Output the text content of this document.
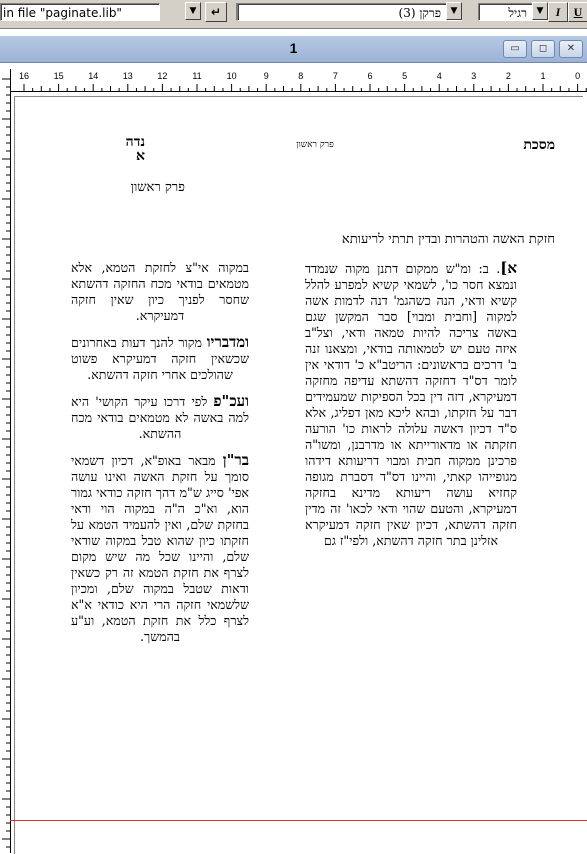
in file "paginate.lib"	▼	↵	פרקן (3)	▼	רגיל	▼	I	U
1	▭	◻	✕
16	15	14	13	12	11	10	9	8	7	6	5	4	3	2	1	0
מסכת
פרק ראשון
נדה
א
פרק ראשון
חזקת האשה והטהרות ובדין תרתי לריעותא
א]. ב: ומ"ש ממקום דתנן מקוה שנמדד ונמצא חסר כו', לשמאי קשיא למפרע להלל קשיא ודאי, הנה כשהגמ' דנה לדמות אשה למקוה [וחבית ומבוי] סבר המקשן שגם באשה צריכה להיות טמאה ודאי, וצל"ב איזה טעם יש לטמאותה בודאי, ומצאנו זנה ב' דרכים בראשונים: הריטב"א כ' דודאי אין לומר דס"ד דחזקה דהשתא עדיפה מחזקה דמעיקרא, דזה דין בכל הספיקות שמעמידים דבר על חזקתו, ובהא ליכא מאן דפליג, אלא ס"ד דכיון דאשה עלולה לראות כו' הורעה חזקתה או מדאורייתא או מדרבנן, ומשו"ה פרכינן ממקוה חבית ומבוי דריעותא דידהו מגופייהו קאתי, והיינו דס"ד דסברת מגופה קחזיא עושה ריעותא מדינא בחזקה דמעיקרא, והטעם שהוי ודאי לכאו' זה מדין חזקה דהשתא, דכיון שאין חזקה דמעיקרא אזלינן בתר חזקה דהשתא, ולפי"ז גם
במקוה אי"צ לחזקת הטמא, אלא מטמאים בודאי מכח החזקה דהשתא שחסר לפניך כיון שאין חזקה דמעיקרא.
ומדבריו מקור להנך דעות באחרונים שכשאין חזקה דמעיקרא פשוט שהולכים אחרי חזקה דהשתא.
ועכ"פ לפי דרכו עיקר הקושי' היא למה באשה לא מטמאים בודאי מכח ההשתא.
בר"ן מבאר באופ"א, דכיון דשמאי סומך על חזקת האשה ואינו עושה אפי' סייג ש"מ דהך חזקה כודאי גמור הוא, וא"כ ה"ה במקוה הוי ודאי בחזקת שלם, ואין להעמיד הטמא על חזקתו כיון שהוא טבל במקוה שודאי שלם, והיינו שכל מה שיש מקום לצרף את חזקת הטמא זה רק כשאין ודאות שטבל במקוה שלם, ומכיון שלשמאי חזקה הרי היא כודאי א"א לצרף כלל את חזקת הטמא, וע"ע בהמשך.
